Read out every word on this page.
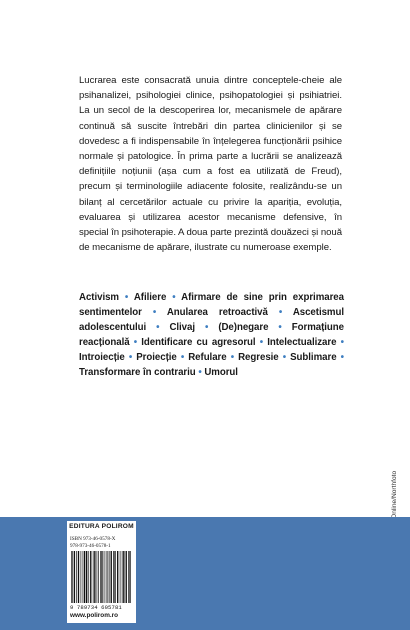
Lucrarea este consacrată unuia dintre conceptele-cheie ale psihanalizei, psihologiei clinice, psihopatologiei și psihiatriei. La un secol de la descoperirea lor, mecanismele de apărare continuă să suscite întrebări din partea clinicienilor și se dovedesc a fi indispensabile în înțelegerea funcționării psihice normale și patologice. În prima parte a lucrării se analizează definițiile noțiunii (așa cum a fost ea utilizată de Freud), precum și terminologiile adiacente folosite, realizându-se un bilanț al cercetărilor actuale cu privire la apariția, evoluția, evaluarea și utilizarea acestor mecanisme defensive, în special în psihoterapie. A doua parte prezintă douăzeci și nouă de mecanisme de apărare, ilustrate cu numeroase exemple.

Activism • Afiliere • Afirmare de sine prin exprimarea sentimentelor • Anularea retroactivă • Ascetismul adolescentului • Clivaj • (De)negare • Formațiune reacțională • Identificare cu agresorul • Intelectualizare • Introiecție • Proiecție • Refulare • Regresie • Sublimare • Transformare în contrariu • Umorul

EDITURA POLIROM
ISBN 973-46-0578-X
978-973-46-0578-1
9 789734 605781
www.polirom.ro
